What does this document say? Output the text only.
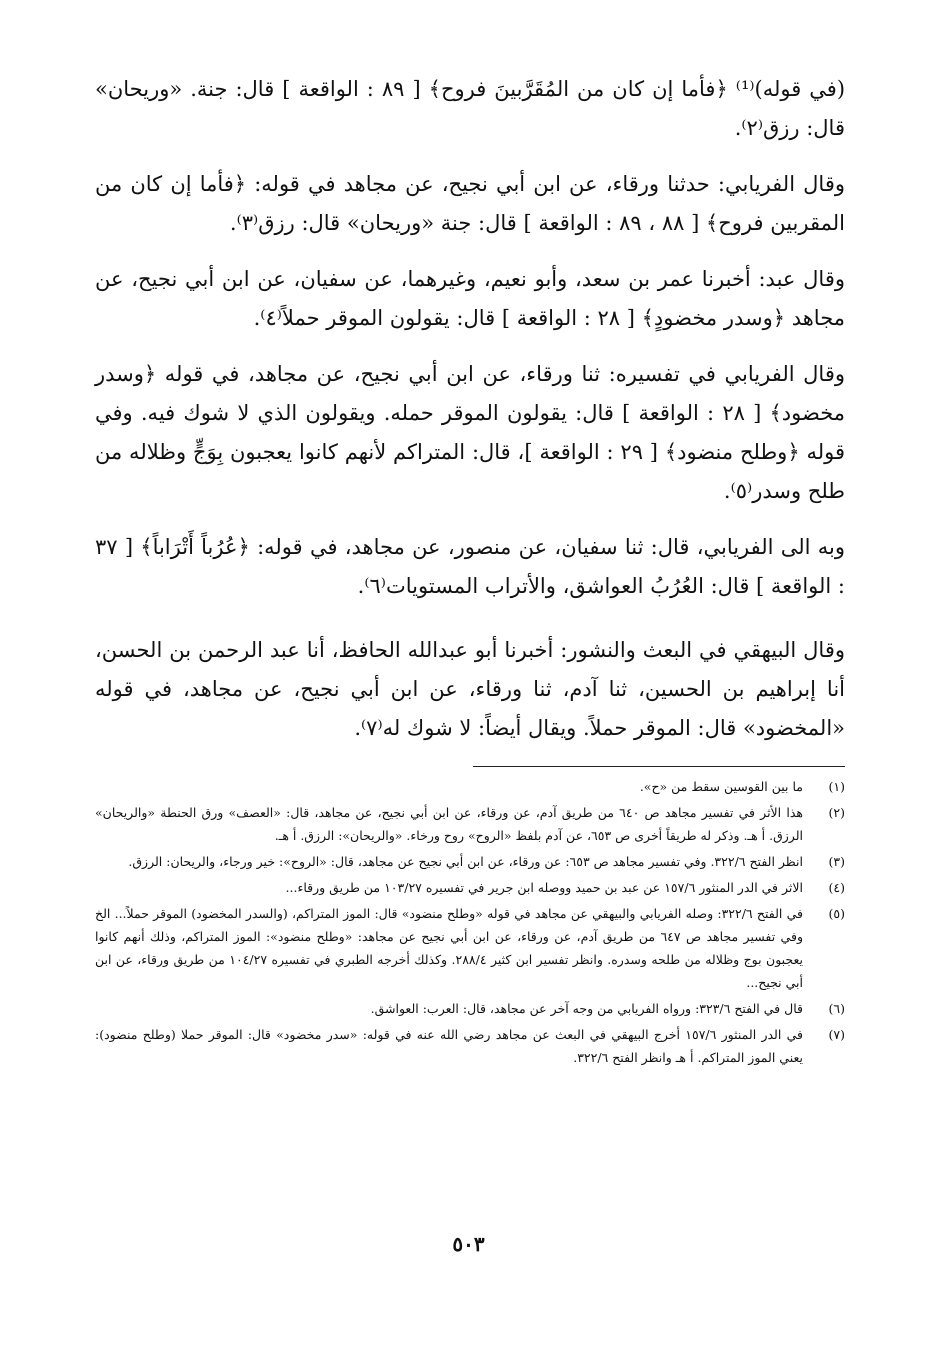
(في قوله)⁽¹⁾ ﴿فأما إن كان من المُقَرَّبينَ فروح﴾ [ ٨٩ : الواقعة ] قال: جنة. «وريحان» قال: رزق⁽٢⁾.

وقال الفريابي: حدثنا ورقاء، عن ابن أبي نجيح، عن مجاهد في قوله: ﴿فأما إن كان من المقربين فروح﴾ [ ٨٨ ، ٨٩ : الواقعة ] قال: جنة «وريحان» قال: رزق⁽٣⁾.

وقال عبد: أخبرنا عمر بن سعد، وأبو نعيم، وغيرهما، عن سفيان، عن ابن أبي نجيح، عن مجاهد ﴿وسدر مخضودٍ﴾ [ ٢٨ : الواقعة ] قال: يقولون الموقر حملاً⁽٤⁾.

وقال الفريابي في تفسيره: ثنا ورقاء، عن ابن أبي نجيح، عن مجاهد، في قوله ﴿وسدر مخضود﴾ [ ٢٨ : الواقعة ] قال: يقولون الموقر حمله. ويقولون الذي لا شوك فيه. وفي قوله ﴿وطلح منضود﴾ [ ٢٩ : الواقعة ]، قال: المتراكم لأنهم كانوا يعجبون بِوَجٍّ وظلاله من طلح وسدر⁽٥⁾.

وبه الى الفريابي، قال: ثنا سفيان، عن منصور، عن مجاهد، في قوله: ﴿عُرُباً أَتْرَاباً﴾ [ ٣٧ : الواقعة ] قال: العُرُبُ العواشق، والأتراب المستويات⁽٦⁾.

وقال البيهقي في البعث والنشور: أخبرنا أبو عبدالله الحافظ، أنا عبد الرحمن بن الحسن، أنا إبراهيم بن الحسين، ثنا آدم، ثنا ورقاء، عن ابن أبي نجيح، عن مجاهد، في قوله «المخضود» قال: الموقر حملاً. ويقال أيضاً: لا شوك له⁽٧⁾.

(١)
ما بين القوسين سقط من «ح».
(٢)
هذا الأثر في تفسير مجاهد ص ٦٤٠ من طريق آدم، عن ورقاء، عن ابن أبي نجيح، عن مجاهد، قال: «العصف» ورق الحنطة «والريحان» الرزق. أ هـ. وذكر له طريقاً أخرى ص ٦٥٣، عن آدم بلفظ «الروح» روح ورخاء. «والريحان»: الرزق. أ هـ.
(٣)
انظر الفتح ٣٢٢/٦. وفي تفسير مجاهد ص ٦٥٣: عن ورقاء، عن ابن أبي نجيح عن مجاهد، قال: «الروح»: خير ورجاء، والريحان: الرزق.
(٤)
الاثر في الدر المنثور ١٥٧/٦ عن عبد بن حميد ووصله ابن جرير في تفسيره ١٠٣/٢٧ من طريق ورقاء...
(٥)
في الفتح ٣٢٢/٦: وصله الفريابي والبيهقي عن مجاهد في قوله «وطلح منضود» قال: الموز المتراكم، (والسدر المخضود) الموقر حملاً... الخ وفي تفسير مجاهد ص ٦٤٧ من طريق آدم، عن ورقاء، عن ابن أبي نجيح عن مجاهد: «وطلح منضود»: الموز المتراكم، وذلك أنهم كانوا يعجبون بوج وظلاله من طلحه وسدره. وانظر تفسير ابن كثير ٢٨٨/٤. وكذلك أخرجه الطبري في تفسيره ١٠٤/٢٧ من طريق ورقاء، عن ابن أبي نجيح...
(٦)
قال في الفتح ٣٢٣/٦: ورواه الفريابي من وجه آخر عن مجاهد، قال: العرب: العواشق.
(٧)
في الدر المنثور ١٥٧/٦ أخرج البيهقي في البعث عن مجاهد رضي الله عنه في قوله: «سدر مخضود» قال: الموقر حملا (وطلح منضود): يعني الموز المتراكم. أ هـ وانظر الفتح ٣٢٢/٦.
٥٠٣
